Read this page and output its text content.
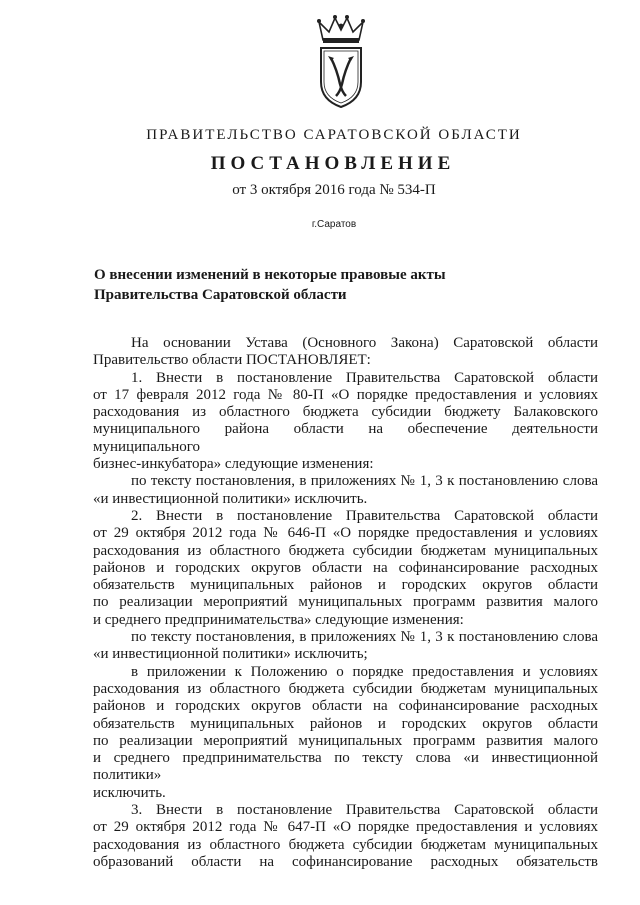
ПРАВИТЕЛЬСТВО САРАТОВСКОЙ ОБЛАСТИ
ПОСТАНОВЛЕНИЕ
от 3 октября 2016 года № 534-П
г.Саратов
О внесении изменений в некоторые правовые акты
Правительства Саратовской области
На основании Устава (Основного Закона) Саратовской области
Правительство области ПОСТАНОВЛЯЕТ:
1. Внести в постановление Правительства Саратовской области
от 17 февраля 2012 года № 80-П «О порядке предоставления и условиях
расходования из областного бюджета субсидии бюджету Балаковского
муниципального района области на обеспечение деятельности муниципального
бизнес-инкубатора» следующие изменения:
по тексту постановления, в приложениях № 1, 3 к постановлению слова
«и инвестиционной политики» исключить.
2. Внести в постановление Правительства Саратовской области
от 29 октября 2012 года № 646-П «О порядке предоставления и условиях
расходования из областного бюджета субсидии бюджетам муниципальных
районов и городских округов области на софинансирование расходных
обязательств муниципальных районов и городских округов области
по реализации мероприятий муниципальных программ развития малого
и среднего предпринимательства» следующие изменения:
по тексту постановления, в приложениях № 1, 3 к постановлению слова
«и инвестиционной политики» исключить;
в приложении к Положению о порядке предоставления и условиях
расходования из областного бюджета субсидии бюджетам муниципальных
районов и городских округов области на софинансирование расходных
обязательств муниципальных районов и городских округов области
по реализации мероприятий муниципальных программ развития малого
и среднего предпринимательства по тексту слова «и инвестиционной политики»
исключить.
3. Внести в постановление Правительства Саратовской области
от 29 октября 2012 года № 647-П «О порядке предоставления и условиях
расходования из областного бюджета субсидии бюджетам муниципальных
образований области на софинансирование расходных обязательств
